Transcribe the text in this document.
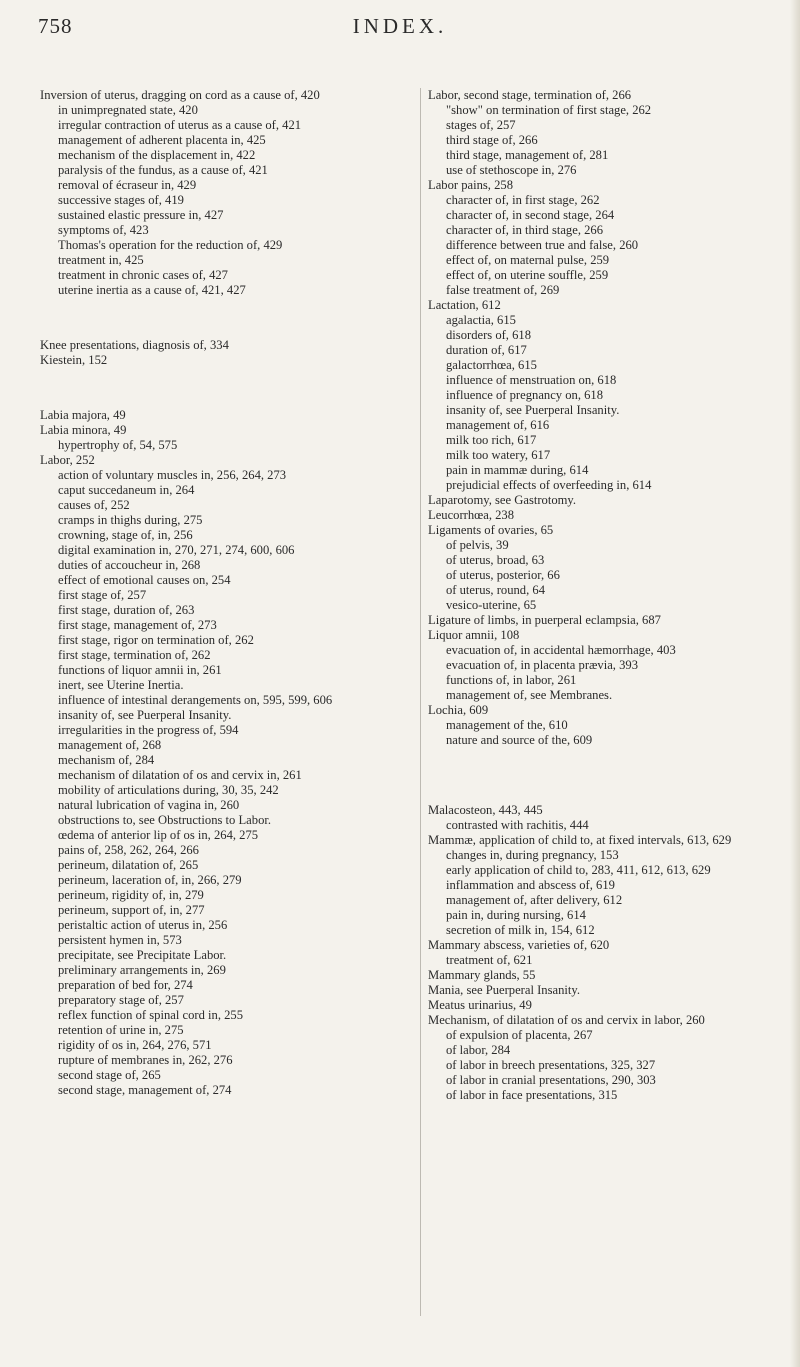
758	INDEX.

Inversion of uterus, dragging on cord as a cause of, 420

in unimpregnated state, 420

irregular contraction of uterus as a cause of, 421

management of adherent placenta in, 425

mechanism of the displacement in, 422

paralysis of the fundus, as a cause of, 421

removal of écraseur in, 429

successive stages of, 419

sustained elastic pressure in, 427

symptoms of, 423

Thomas's operation for the reduction of, 429

treatment in, 425

treatment in chronic cases of, 427

uterine inertia as a cause of, 421, 427

Knee presentations, diagnosis of, 334

Kiestein, 152

Labia majora, 49

Labia minora, 49

hypertrophy of, 54, 575

Labor, 252

action of voluntary muscles in, 256, 264, 273

caput succedaneum in, 264

causes of, 252

cramps in thighs during, 275

crowning, stage of, in, 256

digital examination in, 270, 271, 274, 600, 606

duties of accoucheur in, 268

effect of emotional causes on, 254

first stage of, 257

first stage, duration of, 263

first stage, management of, 273

first stage, rigor on termination of, 262

first stage, termination of, 262

functions of liquor amnii in, 261

inert, see Uterine Inertia.

influence of intestinal derangements on, 595, 599, 606

insanity of, see Puerperal Insanity.

irregularities in the progress of, 594

management of, 268

mechanism of, 284

mechanism of dilatation of os and cervix in, 261

mobility of articulations during, 30, 35, 242

natural lubrication of vagina in, 260

obstructions to, see Obstructions to Labor.

œdema of anterior lip of os in, 264, 275

pains of, 258, 262, 264, 266

perineum, dilatation of, 265

perineum, laceration of, in, 266, 279

perineum, rigidity of, in, 279

perineum, support of, in, 277

peristaltic action of uterus in, 256

persistent hymen in, 573

precipitate, see Precipitate Labor.

preliminary arrangements in, 269

preparation of bed for, 274

preparatory stage of, 257

reflex function of spinal cord in, 255

retention of urine in, 275

rigidity of os in, 264, 276, 571

rupture of membranes in, 262, 276

second stage of, 265

second stage, management of, 274

Labor, second stage, termination of, 266

"show" on termination of first stage, 262

stages of, 257

third stage of, 266

third stage, management of, 281

use of stethoscope in, 276

Labor pains, 258

character of, in first stage, 262

character of, in second stage, 264

character of, in third stage, 266

difference between true and false, 260

effect of, on maternal pulse, 259

effect of, on uterine souffle, 259

false treatment of, 269

Lactation, 612

agalactia, 615

disorders of, 618

duration of, 617

galactorrhœa, 615

influence of menstruation on, 618

influence of pregnancy on, 618

insanity of, see Puerperal Insanity.

management of, 616

milk too rich, 617

milk too watery, 617

pain in mammæ during, 614

prejudicial effects of overfeeding in, 614

Laparotomy, see Gastrotomy.

Leucorrhœa, 238

Ligaments of ovaries, 65

of pelvis, 39

of uterus, broad, 63

of uterus, posterior, 66

of uterus, round, 64

vesico-uterine, 65

Ligature of limbs, in puerperal eclampsia, 687

Liquor amnii, 108

evacuation of, in accidental hæmorrhage, 403

evacuation of, in placenta prævia, 393

functions of, in labor, 261

management of, see Membranes.

Lochia, 609

management of the, 610

nature and source of the, 609

Malacosteon, 443, 445

contrasted with rachitis, 444

Mammæ, application of child to, at fixed intervals, 613, 629

changes in, during pregnancy, 153

early application of child to, 283, 411, 612, 613, 629

inflammation and abscess of, 619

management of, after delivery, 612

pain in, during nursing, 614

secretion of milk in, 154, 612

Mammary abscess, varieties of, 620

treatment of, 621

Mammary glands, 55

Mania, see Puerperal Insanity.

Meatus urinarius, 49

Mechanism, of dilatation of os and cervix in labor, 260

of expulsion of placenta, 267

of labor, 284

of labor in breech presentations, 325, 327

of labor in cranial presentations, 290, 303

of labor in face presentations, 315
